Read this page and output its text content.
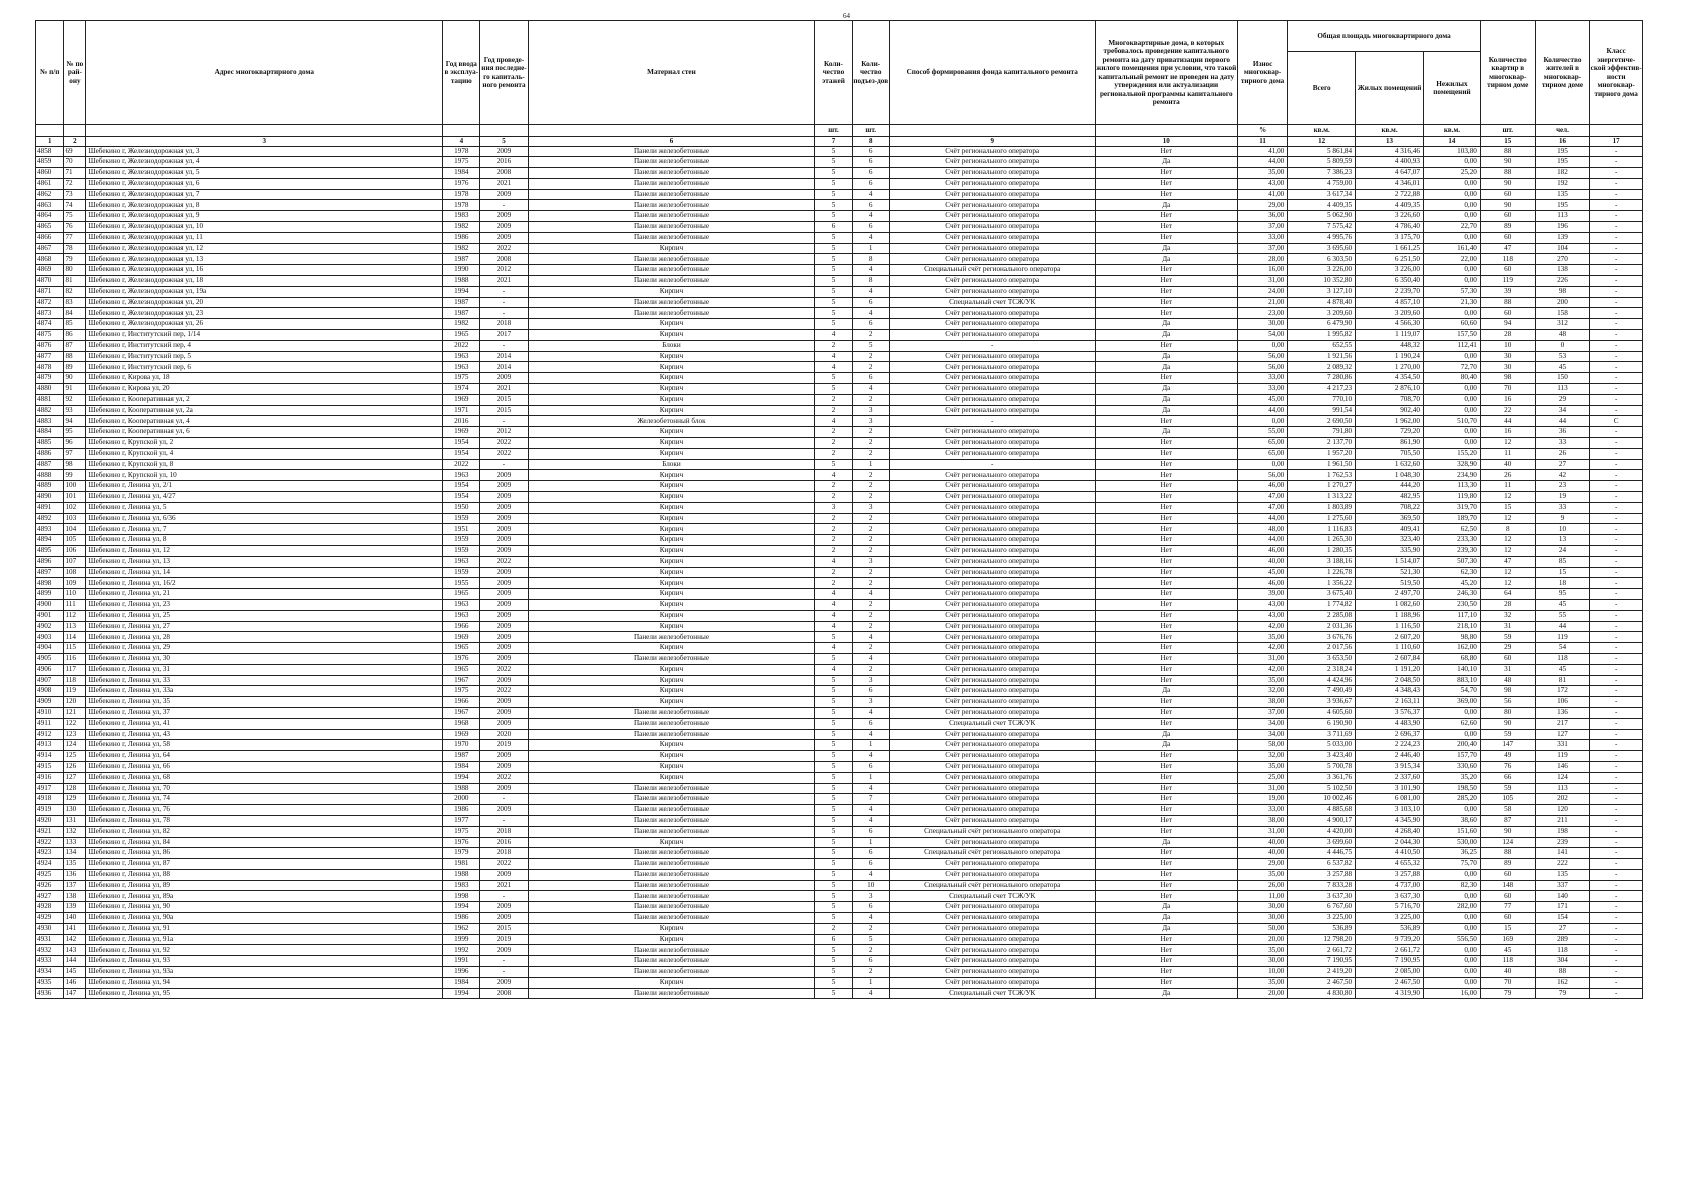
64
№ п/п	№ по рай-ону	Адрес многоквартирного дома	Год ввода в эксплуа-тацию	Год проведе-ния последне-го капиталь-ного ремонта	Материал стен	Коли-чество этажей	Коли-чество подъез-дов	Способ формирования фонда капитального ремонта	Многоквартирные дома, в которых требовалось проведение капитального ремонта на дату приватизации первого жилого помещения при условии, что такой капитальный ремонт не проведен на дату утверждения или актуализации региональной программы капитального ремонта	Износ многоквар-тирного дома	Общая площадь многоквартирного дома			Количество квартир в многоквар-тирном доме	Количество жителей в многоквар-тирном доме	Класс энергетиче-ской эффектив-ности многоквар-тирного дома
											Всего	Жилых помещений	Нежилых помещений			
						шт.	шт.			%	кв.м.	кв.м.	кв.м.	шт.	чел.	
1	2	3	4	5	6	7	8	9	10	11	12	13	14	15	16	17
4858	69	Шебекино г, Железнодорожная ул, 3	1978	2009	Панели железобетонные	5	6	Счёт регионального оператора	Нет	41,00	5 861,84	4 316,46	103,80	88	195	-
4859	70	Шебекино г, Железнодорожная ул, 4	1975	2016	Панели железобетонные	5	6	Счёт регионального оператора	Да	44,00	5 809,59	4 400,93	0,00	90	195	-
4860	71	Шебекино г, Железнодорожная ул, 5	1984	2008	Панели железобетонные	5	6	Счёт регионального оператора	Нет	35,00	7 386,23	4 647,07	25,20	88	182	-
4861	72	Шебекино г, Железнодорожная ул, 6	1976	2021	Панели железобетонные	5	6	Счёт регионального оператора	Нет	43,00	4 759,00	4 346,01	0,00	90	192	-
4862	73	Шебекино г, Железнодорожная ул, 7	1978	2009	Панели железобетонные	5	4	Счёт регионального оператора	Нет	41,00	3 617,34	2 722,88	0,00	60	135	-
4863	74	Шебекино г, Железнодорожная ул, 8	1978	-	Панели железобетонные	5	6	Счёт регионального оператора	Да	29,00	4 409,35	4 409,35	0,00	90	195	-
4864	75	Шебекино г, Железнодорожная ул, 9	1983	2009	Панели железобетонные	5	4	Счёт регионального оператора	Нет	36,00	5 062,90	3 226,60	0,00	60	113	-
4865	76	Шебекино г, Железнодорожная ул, 10	1982	2009	Панели железобетонные	6	6	Счёт регионального оператора	Нет	37,00	7 575,42	4 786,40	22,70	89	196	-
4866	77	Шебекино г, Железнодорожная ул, 11	1986	2009	Панели железобетонные	5	4	Счёт регионального оператора	Нет	33,00	4 995,76	3 175,70	0,00	60	139	-
4867	78	Шебекино г, Железнодорожная ул, 12	1982	2022	Кирпич	5	1	Счёт регионального оператора	Да	37,00	3 695,60	1 661,25	161,40	47	104	-
4868	79	Шебекино г, Железнодорожная ул, 13	1987	2008	Панели железобетонные	5	8	Счёт регионального оператора	Да	28,00	6 303,50	6 251,50	22,00	118	270	-
4869	80	Шебекино г, Железнодорожная ул, 16	1990	2012	Панели железобетонные	5	4	Специальный счёт регионального оператора	Нет	16,00	3 226,00	3 226,00	0,00	60	138	-
4870	81	Шебекино г, Железнодорожная ул, 18	1988	2021	Панели железобетонные	5	8	Счёт регионального оператора	Нет	31,00	10 352,80	6 350,40	0,00	119	226	-
4871	82	Шебекино г, Железнодорожная ул, 19а	1994	-	Кирпич	5	4	Счёт регионального оператора	Нет	24,00	3 127,10	2 239,70	57,30	39	98	-
4872	83	Шебекино г, Железнодорожная ул, 20	1987	-	Панели железобетонные	5	6	Специальный счет ТСЖ/УК	Нет	21,00	4 878,40	4 857,10	21,30	88	200	-
4873	84	Шебекино г, Железнодорожная ул, 23	1987	-	Панели железобетонные	5	4	Счёт регионального оператора	Нет	23,00	3 209,60	3 209,60	0,00	60	158	-
4874	85	Шебекино г, Железнодорожная ул, 26	1982	2018	Кирпич	5	6	Счёт регионального оператора	Да	30,00	6 479,90	4 566,30	60,60	94	312	-
4875	86	Шебекино г, Институтский пер, 1/14	1965	2017	Кирпич	4	2	Счёт регионального оператора	Да	54,00	1 995,82	1 119,07	157,50	28	48	-
4876	87	Шебекино г, Институтский пер, 4	2022	-	Блоки	2	5	-	Нет	0,00	652,55	448,32	112,41	10	0	-
4877	88	Шебекино г, Институтский пер, 5	1963	2014	Кирпич	4	2	Счёт регионального оператора	Да	56,00	1 921,56	1 190,24	0,00	30	53	-
4878	89	Шебекино г, Институтский пер, 6	1963	2014	Кирпич	4	2	Счёт регионального оператора	Да	56,00	2 089,32	1 270,00	72,70	30	45	-
4879	90	Шебекино г, Кирова ул, 18	1975	2009	Кирпич	5	6	Счёт регионального оператора	Нет	33,00	7 280,86	4 354,50	80,40	98	150	-
4880	91	Шебекино г, Кирова ул, 20	1974	2021	Кирпич	5	4	Счёт регионального оператора	Да	33,00	4 217,23	2 876,10	0,00	70	113	-
4881	92	Шебекино г, Кооперативная ул, 2	1969	2015	Кирпич	2	2	Счёт регионального оператора	Да	45,00	770,10	708,70	0,00	16	29	-
4882	93	Шебекино г, Кооперативная ул, 2а	1971	2015	Кирпич	2	3	Счёт регионального оператора	Да	44,00	991,54	902,40	0,00	22	34	-
4883	94	Шебекино г, Кооперативная ул, 4	2016	-	Железобетонный блок	4	3	-	Нет	0,00	2 690,50	1 962,00	510,70	44	44	С
4884	95	Шебекино г, Кооперативная ул, 6	1969	2012	Кирпич	2	2	Счёт регионального оператора	Да	55,00	791,80	729,20	0,00	16	36	-
4885	96	Шебекино г, Крупской ул, 2	1954	2022	Кирпич	2	2	Счёт регионального оператора	Нет	65,00	2 137,70	861,90	0,00	12	33	-
4886	97	Шебекино г, Крупской ул, 4	1954	2022	Кирпич	2	2	Счёт регионального оператора	Нет	65,00	1 957,20	705,50	155,20	11	26	-
4887	98	Шебекино г, Крупской ул, 8	2022	-	Блоки	5	1	-	Нет	0,00	1 961,50	1 632,60	328,90	40	27	-
4888	99	Шебекино г, Крупской ул, 10	1963	2009	Кирпич	4	2	Счёт регионального оператора	Нет	56,00	1 762,53	1 048,30	234,90	26	42	-
4889	100	Шебекино г, Ленина ул, 2/1	1954	2009	Кирпич	2	2	Счёт регионального оператора	Нет	46,00	1 270,27	444,20	113,30	11	23	-
4890	101	Шебекино г, Ленина ул, 4/27	1954	2009	Кирпич	2	2	Счёт регионального оператора	Нет	47,00	1 313,22	482,95	119,80	12	19	-
4891	102	Шебекино г, Ленина ул, 5	1950	2009	Кирпич	3	3	Счёт регионального оператора	Нет	47,00	1 803,89	708,22	319,70	15	33	-
4892	103	Шебекино г, Ленина ул, 6/36	1959	2009	Кирпич	2	2	Счёт регионального оператора	Нет	44,00	1 275,60	369,50	189,70	12	9	-
4893	104	Шебекино г, Ленина ул, 7	1951	2009	Кирпич	2	2	Счёт регионального оператора	Нет	48,00	1 116,83	409,41	62,50	8	10	-
4894	105	Шебекино г, Ленина ул, 8	1959	2009	Кирпич	2	2	Счёт регионального оператора	Нет	44,00	1 265,30	323,40	233,30	12	13	-
4895	106	Шебекино г, Ленина ул, 12	1959	2009	Кирпич	2	2	Счёт регионального оператора	Нет	46,00	1 280,35	335,90	239,30	12	24	-
4896	107	Шебекино г, Ленина ул, 13	1963	2022	Кирпич	4	3	Счёт регионального оператора	Нет	40,00	3 188,16	1 514,07	507,30	47	85	-
4897	108	Шебекино г, Ленина ул, 14	1959	2009	Кирпич	2	2	Счёт регионального оператора	Нет	45,00	1 226,78	521,30	62,30	12	15	-
4898	109	Шебекино г, Ленина ул, 16/2	1955	2009	Кирпич	2	2	Счёт регионального оператора	Нет	46,00	1 356,22	519,50	45,20	12	18	-
4899	110	Шебекино г, Ленина ул, 21	1965	2009	Кирпич	4	4	Счёт регионального оператора	Нет	39,00	3 675,40	2 497,70	246,30	64	95	-
4900	111	Шебекино г, Ленина ул, 23	1963	2009	Кирпич	4	2	Счёт регионального оператора	Нет	43,00	1 774,82	1 082,60	230,50	28	45	-
4901	112	Шебекино г, Ленина ул, 25	1963	2009	Кирпич	4	2	Счёт регионального оператора	Нет	43,00	2 285,08	1 188,96	117,10	32	55	-
4902	113	Шебекино г, Ленина ул, 27	1966	2009	Кирпич	4	2	Счёт регионального оператора	Нет	42,00	2 031,36	1 116,50	218,10	31	44	-
4903	114	Шебекино г, Ленина ул, 28	1969	2009	Панели железобетонные	5	4	Счёт регионального оператора	Нет	35,00	3 676,76	2 607,20	98,80	59	119	-
4904	115	Шебекино г, Ленина ул, 29	1965	2009	Кирпич	4	2	Счёт регионального оператора	Нет	42,00	2 017,56	1 110,60	162,00	29	54	-
4905	116	Шебекино г, Ленина ул, 30	1976	2009	Панели железобетонные	5	4	Счёт регионального оператора	Нет	31,00	3 653,50	2 607,84	68,80	60	118	-
4906	117	Шебекино г, Ленина ул, 31	1965	2022	Кирпич	4	2	Счёт регионального оператора	Нет	42,00	2 318,24	1 191,20	140,10	31	45	-
4907	118	Шебекино г, Ленина ул, 33	1967	2009	Кирпич	5	3	Счёт регионального оператора	Нет	35,00	4 424,96	2 048,50	883,10	48	81	-
4908	119	Шебекино г, Ленина ул, 33а	1975	2022	Кирпич	5	6	Счёт регионального оператора	Да	32,00	7 490,49	4 348,43	54,70	98	172	-
4909	120	Шебекино г, Ленина ул, 35	1966	2009	Кирпич	5	3	Счёт регионального оператора	Нет	38,00	3 936,67	2 163,11	369,00	56	106	-
4910	121	Шебекино г, Ленина ул, 37	1967	2009	Панели железобетонные	5	4	Счёт регионального оператора	Нет	37,00	4 605,60	3 576,37	0,00	80	136	-
4911	122	Шебекино г, Ленина ул, 41	1968	2009	Панели железобетонные	5	6	Специальный счет ТСЖ/УК	Нет	34,00	6 190,90	4 483,90	62,60	90	217	-
4912	123	Шебекино г, Ленина ул, 43	1969	2020	Панели железобетонные	5	4	Счёт регионального оператора	Да	34,00	3 711,69	2 696,37	0,00	59	127	-
4913	124	Шебекино г, Ленина ул, 58	1970	2019	Кирпич	5	1	Счёт регионального оператора	Да	58,00	5 033,00	2 224,23	200,40	147	331	-
4914	125	Шебекино г, Ленина ул, 64	1987	2009	Кирпич	5	4	Счёт регионального оператора	Нет	32,00	3 423,40	2 446,40	157,70	49	119	-
4915	126	Шебекино г, Ленина ул, 66	1984	2009	Кирпич	5	6	Счёт регионального оператора	Нет	35,00	5 700,78	3 915,34	330,60	76	146	-
4916	127	Шебекино г, Ленина ул, 68	1994	2022	Кирпич	5	1	Счёт регионального оператора	Нет	25,00	3 361,76	2 337,60	35,20	66	124	-
4917	128	Шебекино г, Ленина ул, 70	1988	2009	Панели железобетонные	5	4	Счёт регионального оператора	Нет	31,00	5 102,50	3 101,90	198,50	59	113	-
4918	129	Шебекино г, Ленина ул, 74	2000	-	Панели железобетонные	5	7	Счёт регионального оператора	Нет	19,00	10 002,46	6 081,00	285,20	105	202	-
4919	130	Шебекино г, Ленина ул, 76	1986	2009	Панели железобетонные	5	4	Счёт регионального оператора	Нет	33,00	4 885,68	3 103,10	0,00	58	120	-
4920	131	Шебекино г, Ленина ул, 78	1977	-	Панели железобетонные	5	4	Счёт регионального оператора	Нет	38,00	4 900,17	4 345,90	38,60	87	211	-
4921	132	Шебекино г, Ленина ул, 82	1975	2018	Панели железобетонные	5	6	Специальный счёт регионального оператора	Нет	31,00	4 420,00	4 268,40	151,60	90	198	-
4922	133	Шебекино г, Ленина ул, 84	1976	2016	Кирпич	5	1	Счёт регионального оператора	Да	40,00	3 699,60	2 044,30	530,00	124	239	-
4923	134	Шебекино г, Ленина ул, 86	1979	2018	Панели железобетонные	5	6	Специальный счёт регионального оператора	Нет	40,00	4 446,75	4 410,50	36,25	88	141	-
4924	135	Шебекино г, Ленина ул, 87	1981	2022	Панели железобетонные	5	6	Счёт регионального оператора	Нет	29,00	6 537,82	4 655,32	75,70	89	222	-
4925	136	Шебекино г, Ленина ул, 88	1988	2009	Панели железобетонные	5	4	Счёт регионального оператора	Нет	35,00	3 257,88	3 257,88	0,00	60	135	-
4926	137	Шебекино г, Ленина ул, 89	1983	2021	Панели железобетонные	5	10	Специальный счёт регионального оператора	Нет	26,00	7 833,28	4 737,00	82,30	148	337	-
4927	138	Шебекино г, Ленина ул, 89а	1998	-	Панели железобетонные	5	3	Специальный счет ТСЖ/УК	Нет	11,00	3 637,30	3 637,30	0,00	60	140	-
4928	139	Шебекино г, Ленина ул, 90	1994	2009	Панели железобетонные	5	6	Счёт регионального оператора	Да	30,00	6 767,60	5 716,70	282,00	77	171	-
4929	140	Шебекино г, Ленина ул, 90а	1986	2009	Панели железобетонные	5	4	Счёт регионального оператора	Да	30,00	3 225,00	3 225,00	0,00	60	154	-
4930	141	Шебекино г, Ленина ул, 91	1962	2015	Кирпич	2	2	Счёт регионального оператора	Да	50,00	536,89	536,89	0,00	15	27	-
4931	142	Шебекино г, Ленина ул, 91а	1999	2019	Кирпич	6	5	Счёт регионального оператора	Нет	20,00	12 798,20	9 739,20	556,50	169	289	-
4932	143	Шебекино г, Ленина ул, 92	1992	2009	Панели железобетонные	5	2	Счёт регионального оператора	Нет	35,00	2 661,72	2 661,72	0,00	45	118	-
4933	144	Шебекино г, Ленина ул, 93	1991	-	Панели железобетонные	5	6	Счёт регионального оператора	Нет	30,00	7 190,95	7 190,95	0,00	118	304	-
4934	145	Шебекино г, Ленина ул, 93а	1996	-	Панели железобетонные	5	2	Счёт регионального оператора	Нет	10,00	2 419,20	2 085,00	0,00	40	88	-
4935	146	Шебекино г, Ленина ул, 94	1984	2009	Кирпич	5	1	Счёт регионального оператора	Нет	35,00	2 467,50	2 467,50	0,00	70	162	-
4936	147	Шебекино г, Ленина ул, 95	1994	2008	Панели железобетонные	5	4	Специальный счет ТСЖ/УК	Да	20,00	4 830,80	4 319,90	16,00	79	79	-
